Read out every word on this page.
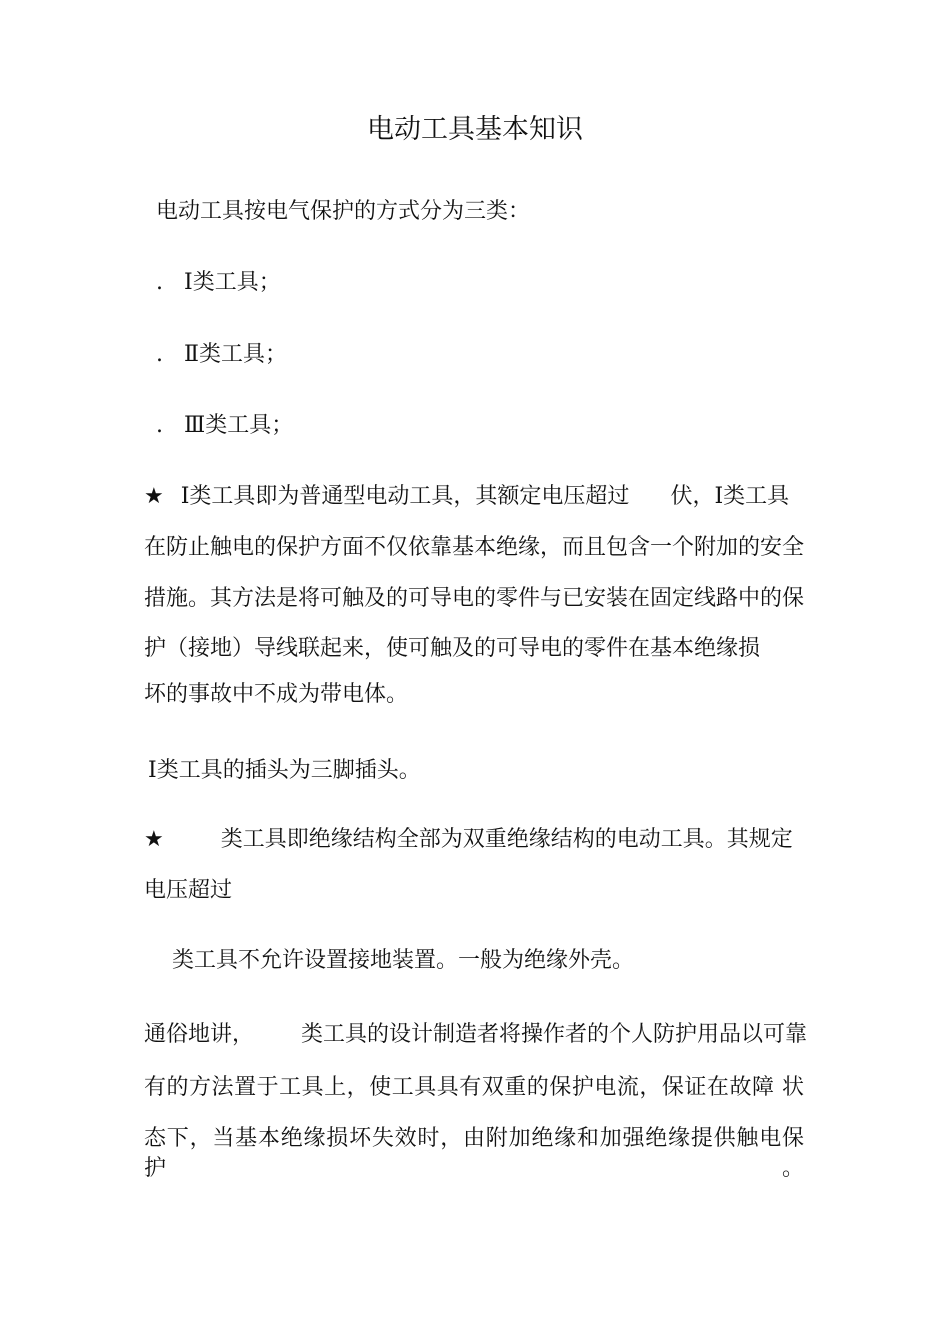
电动工具基本知识
电动工具按电气保护的方式分为三类：
. Ⅰ类工具；
. Ⅱ类工具；
. Ⅲ类工具；
★ Ⅰ类工具即为普通型电动工具，其额定电压超过 伏，Ⅰ类工具
在防止触电的保护方面不仅依靠基本绝缘，而且包含一个附加的安全
措施。其方法是将可触及的可导电的零件与已安装在固定线路中的保
护（接地）导线联起来，使可触及的可导电的零件在基本绝缘损
坏的事故中不成为带电体。
Ⅰ类工具的插头为三脚插头。
★	类工具即绝缘结构全部为双重绝缘结构的电动工具。其规定
电压超过
类工具不允许设置接地装置。一般为绝缘外壳。
通俗地讲， 类工具的设计制造者将操作者的个人防护用品以可靠
有的方法置于工具上，使工具具有双重的保护电流，保证在故障 状
态下，当基本绝缘损坏失效时，由附加绝缘和加强绝缘提供触电保护。
